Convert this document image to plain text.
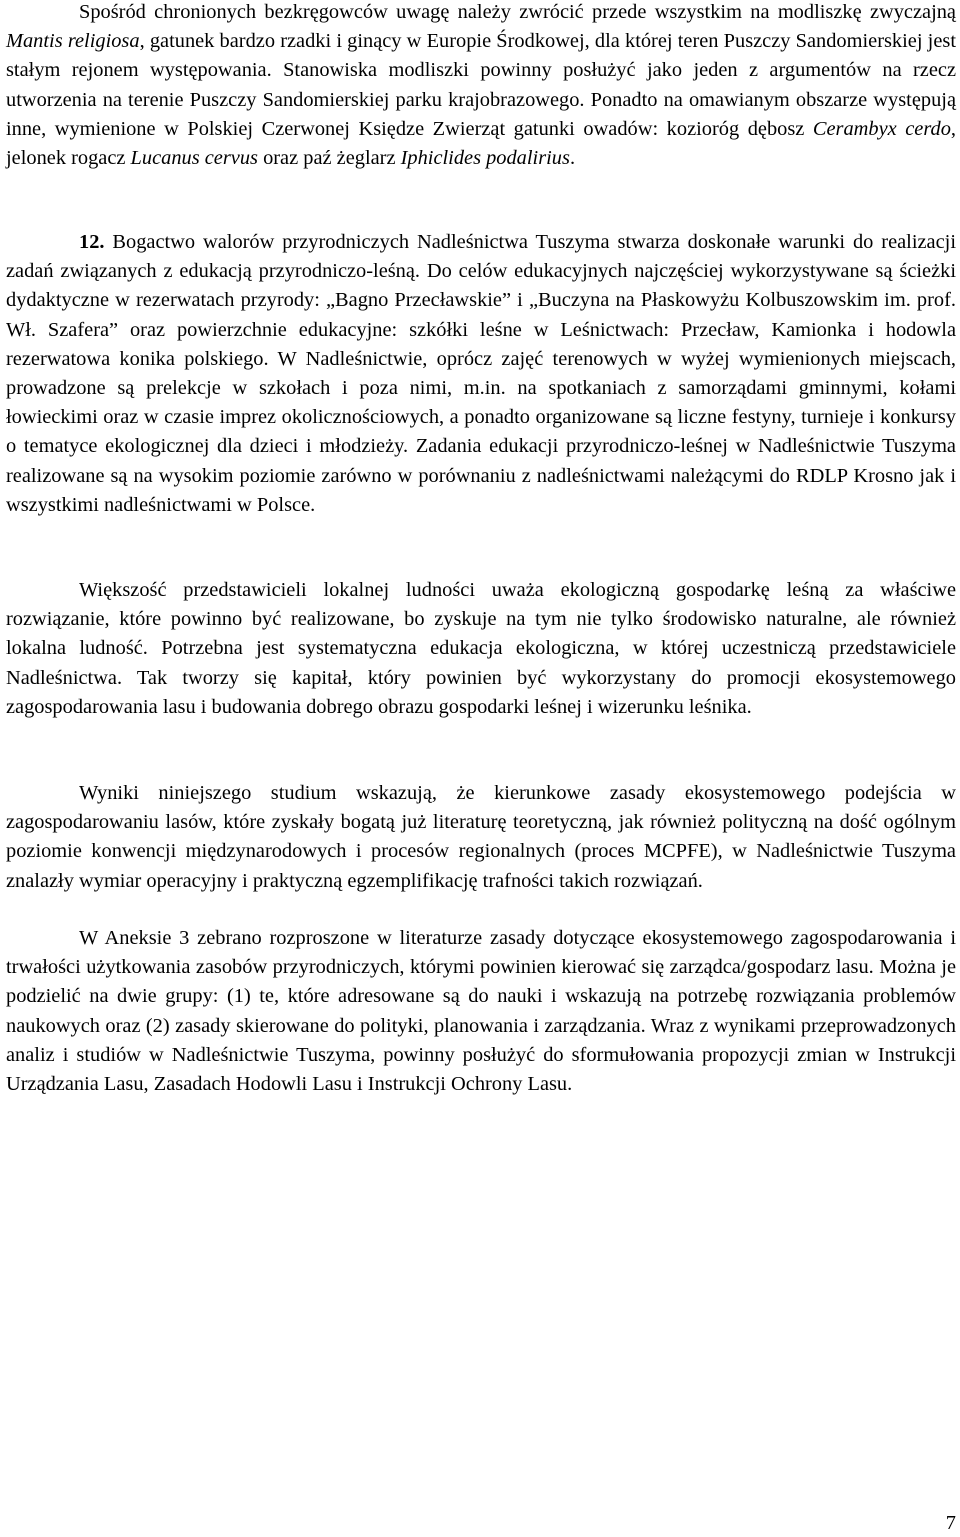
Spośród chronionych bezkręgowców uwagę należy zwrócić przede wszystkim na modliszkę zwyczajną Mantis religiosa, gatunek bardzo rzadki i ginący w Europie Środkowej, dla której teren Puszczy Sandomierskiej jest stałym rejonem występowania. Stanowiska modliszki powinny posłużyć jako jeden z argumentów na rzecz utworzenia na terenie Puszczy Sandomierskiej parku krajobrazowego. Ponadto na omawianym obszarze występują inne, wymienione w Polskiej Czerwonej Księdze Zwierząt gatunki owadów: kozioróg dębosz Cerambyx cerdo, jelonek rogacz Lucanus cervus oraz paź żeglarz Iphiclides podalirius.

12. Bogactwo walorów przyrodniczych Nadleśnictwa Tuszyma stwarza doskonałe warunki do realizacji zadań związanych z edukacją przyrodniczo-leśną. Do celów edukacyjnych najczęściej wykorzystywane są ścieżki dydaktyczne w rezerwatach przyrody: „Bagno Przecławskie” i „Buczyna na Płaskowyżu Kolbuszowskim im. prof. Wł. Szafera” oraz powierzchnie edukacyjne: szkółki leśne w Leśnictwach: Przecław, Kamionka i hodowla rezerwatowa konika polskiego. W Nadleśnictwie, oprócz zajęć terenowych w wyżej wymienionych miejscach, prowadzone są prelekcje w szkołach i poza nimi, m.in. na spotkaniach z samorządami gminnymi, kołami łowieckimi oraz w czasie imprez okolicznościowych, a ponadto organizowane są liczne festyny, turnieje i konkursy o tematyce ekologicznej dla dzieci i młodzieży. Zadania edukacji przyrodniczo-leśnej w Nadleśnictwie Tuszyma realizowane są na wysokim poziomie zarówno w porównaniu z nadleśnictwami należącymi do RDLP Krosno jak i wszystkimi nadleśnictwami w Polsce.

Większość przedstawicieli lokalnej ludności uważa ekologiczną gospodarkę leśną za właściwe rozwiązanie, które powinno być realizowane, bo zyskuje na tym nie tylko środowisko naturalne, ale również lokalna ludność. Potrzebna jest systematyczna edukacja ekologiczna, w której uczestniczą przedstawiciele Nadleśnictwa. Tak tworzy się kapitał, który powinien być wykorzystany do promocji ekosystemowego zagospodarowania lasu i budowania dobrego obrazu gospodarki leśnej i wizerunku leśnika.

Wyniki niniejszego studium wskazują, że kierunkowe zasady ekosystemowego podejścia w zagospodarowaniu lasów, które zyskały bogatą już literaturę teoretyczną, jak również polityczną na dość ogólnym poziomie konwencji międzynarodowych i procesów regionalnych (proces MCPFE), w Nadleśnictwie Tuszyma znalazły wymiar operacyjny i praktyczną egzemplifikację trafności takich rozwiązań.

W Aneksie 3 zebrano rozproszone w literaturze zasady dotyczące ekosystemowego zagospodarowania i trwałości użytkowania zasobów przyrodniczych, którymi powinien kierować się zarządca/gospodarz lasu. Można je podzielić na dwie grupy: (1) te, które adresowane są do nauki i wskazują na potrzebę rozwiązania problemów naukowych oraz (2) zasady skierowane do polityki, planowania i zarządzania. Wraz z wynikami przeprowadzonych analiz i studiów w Nadleśnictwie Tuszyma, powinny posłużyć do sformułowania propozycji zmian w Instrukcji Urządzania Lasu, Zasadach Hodowli Lasu i Instrukcji Ochrony Lasu.

7
